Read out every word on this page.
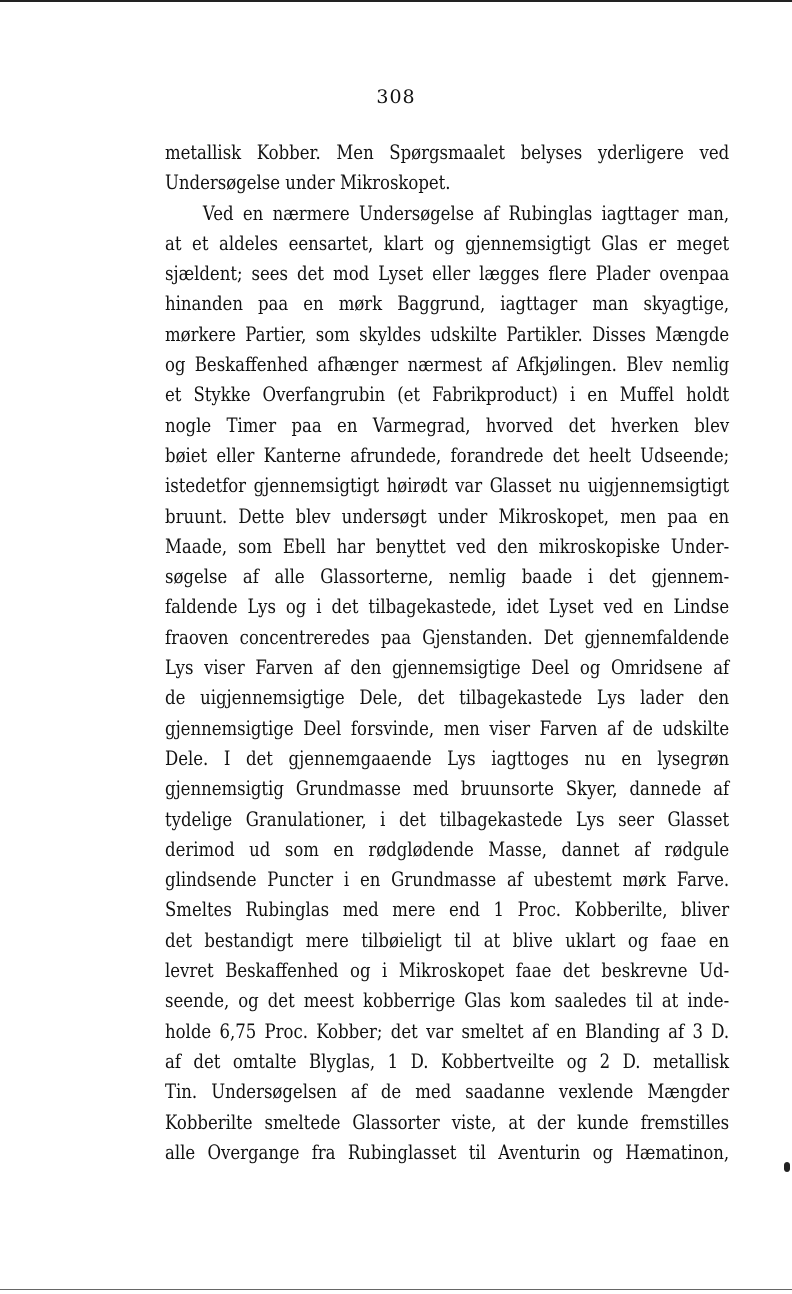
308
metallisk Kobber. Men Spørgsmaalet belyses yderligere ved
Undersøgelse under Mikroskopet.
Ved en nærmere Undersøgelse af Rubinglas iagttager man,
at et aldeles eensartet, klart og gjennemsigtigt Glas er meget
sjældent; sees det mod Lyset eller lægges flere Plader ovenpaa
hinanden paa en mørk Baggrund, iagttager man skyagtige,
mørkere Partier, som skyldes udskilte Partikler. Disses Mængde
og Beskaffenhed afhænger nærmest af Afkjølingen. Blev nemlig
et Stykke Overfangrubin (et Fabrikproduct) i en Muffel holdt
nogle Timer paa en Varmegrad, hvorved det hverken blev
bøiet eller Kanterne afrundede, forandrede det heelt Udseende;
istedetfor gjennemsigtigt høirødt var Glasset nu uigjennemsigtigt
bruunt. Dette blev undersøgt under Mikroskopet, men paa en
Maade, som Ebell har benyttet ved den mikroskopiske Under-
søgelse af alle Glassorterne, nemlig baade i det gjennem-
faldende Lys og i det tilbagekastede, idet Lyset ved en Lindse
fraoven concentreredes paa Gjenstanden. Det gjennemfaldende
Lys viser Farven af den gjennemsigtige Deel og Omridsene af
de uigjennemsigtige Dele, det tilbagekastede Lys lader den
gjennemsigtige Deel forsvinde, men viser Farven af de udskilte
Dele. I det gjennemgaaende Lys iagttoges nu en lysegrøn
gjennemsigtig Grundmasse med bruunsorte Skyer, dannede af
tydelige Granulationer, i det tilbagekastede Lys seer Glasset
derimod ud som en rødglødende Masse, dannet af rødgule
glindsende Puncter i en Grundmasse af ubestemt mørk Farve.
Smeltes Rubinglas med mere end 1 Proc. Kobberilte, bliver
det bestandigt mere tilbøieligt til at blive uklart og faae en
levret Beskaffenhed og i Mikroskopet faae det beskrevne Ud-
seende, og det meest kobberrige Glas kom saaledes til at inde-
holde 6,75 Proc. Kobber; det var smeltet af en Blanding af 3 D.
af det omtalte Blyglas, 1 D. Kobbertveilte og 2 D. metallisk
Tin. Undersøgelsen af de med saadanne vexlende Mængder
Kobberilte smeltede Glassorter viste, at der kunde fremstilles
alle Overgange fra Rubinglasset til Aventurin og Hæmatinon,
